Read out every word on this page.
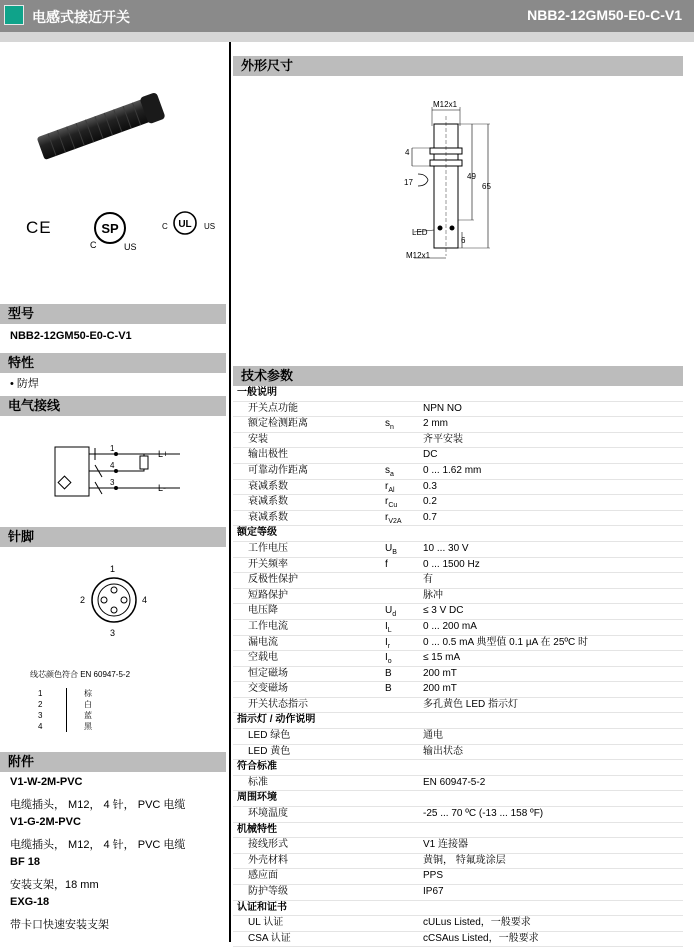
电感式接近开关	NBB2-12GM50-E0-C-V1
CE	SP
C	US
UL
C	US
型号
NBB2-12GM50-E0-C-V1
特性
• 防焊
电气接线
1
4
3
L+
L-
针脚
1
2	4
3
线芯颜色符合 EN 60947-5-2
1	棕
2	白
3	蓝
4	黑
附件
V1-W-2M-PVC
电缆插头， M12， 4 针， PVC 电缆
V1-G-2M-PVC
电缆插头， M12， 4 针， PVC 电缆
BF 18
安装支架，18 mm
EXG-18
带卡口快速安装支架
外形尺寸
M12x1
4
17
49
65
6
LED
M12x1
技术参数
一般说明
开关点功能	NPN NO
额定检测距离	$s_n$	2 mm
安装	齐平安装
输出极性	DC
可靠动作距离	$s_a$	0 ... 1.62 mm
衰减系数	$r_{Al}$	0.3
衰减系数	$r_{Cu}$	0.2
衰减系数	$r_{V2A}$ 0.7
额定等级
工作电压	$U_B$	10 ... 30 V
开关频率	f	0 ... 1500 Hz
反极性保护	有
短路保护	脉冲
电压降	$U_d$	≤ 3 V DC
工作电流	$I_L$	0 ... 200 mA
漏电流	$I_r$	0 ... 0.5 mA 典型值 0.1 µA 在 25ºC 时
空载电	$I_o$	≤ 15 mA
恒定磁场	B	200 mT
交变磁场	B	200 mT
开关状态指示	多孔黄色 LED 指示灯
指示灯 / 动作说明
LED 绿色	通电
LED 黄色	输出状态
符合标准
标准	EN 60947-5-2
周围环境
环境温度	-25 ... 70 ºC (-13 ... 158 ºF)
机械特性
接线形式	V1 连接器
外壳材料	黄铜， 特氟珑涂层
感应面	PPS
防护等级	IP67
认证和证书
UL 认证	cULus Listed，一般要求
CSA 认证	cCSAus Listed，一般要求
